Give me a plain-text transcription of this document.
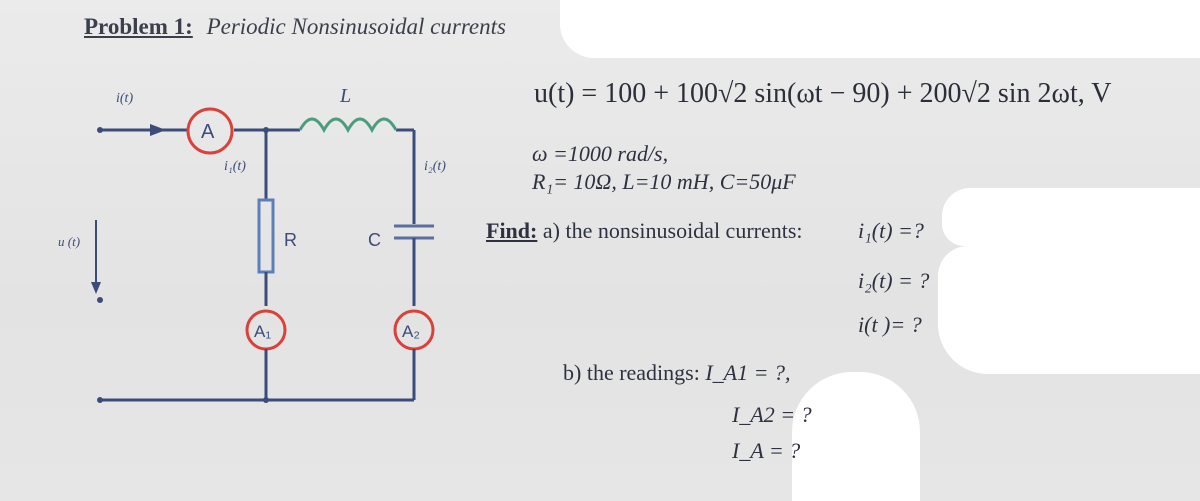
Problem 1: Periodic Nonsinusoidal currents
u(t) = 100 + 100√2 sin(ωt − 90) + 200√2 sin 2ωt, V
ω =1000 rad/s,
R₁= 10Ω, L=10 mH, C=50μF
Find: a) the nonsinusoidal currents:	i₁(t) =?
i₂(t) = ?
i(t )= ?
b) the readings: I_A1 = ?,
I_A2 = ?
I_A = ?
i(t)
A
L
u (t)
i₁(t)
R
i₂(t)
C
A₁	A₂
